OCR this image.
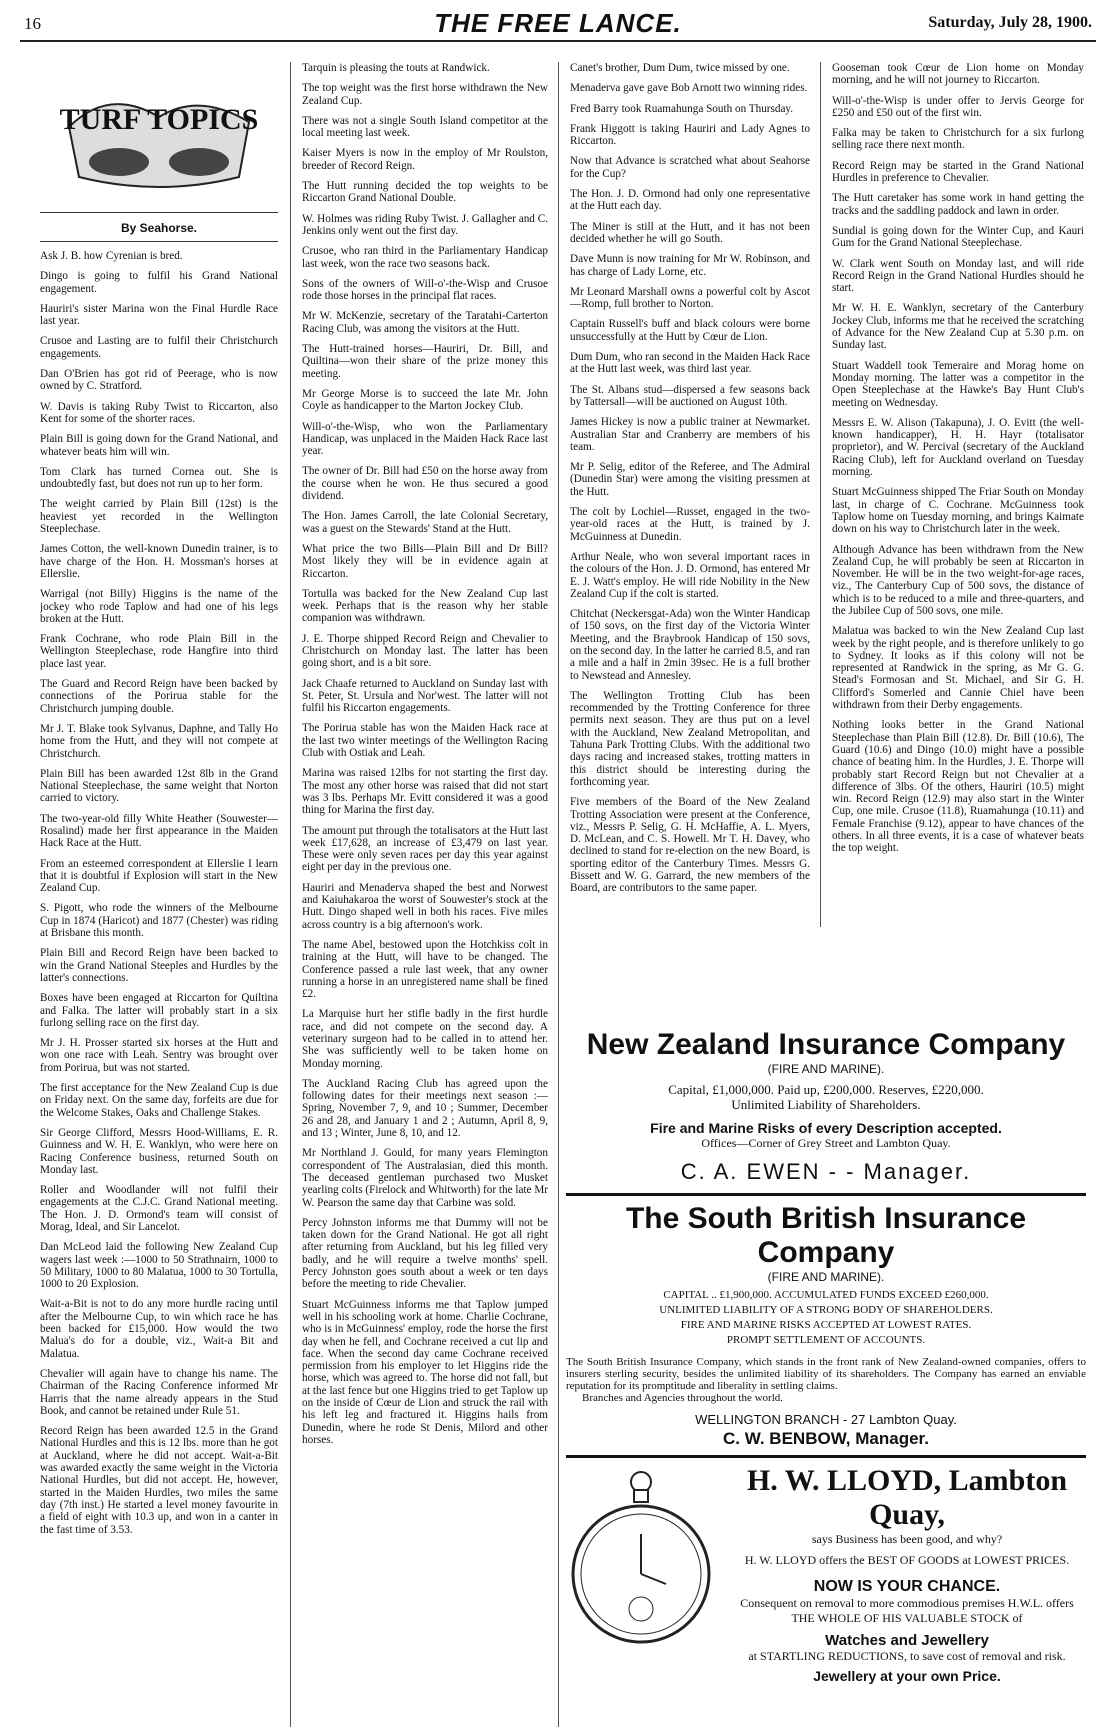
16	THE FREE LANCE.	Saturday, July 28, 1900.
TURF TOPICS
By Seahorse.

Ask J. B. how Cyrenian is bred.

Dingo is going to fulfil his Grand National engagement.

Hauriri's sister Marina won the Final Hurdle Race last year.

Crusoe and Lasting are to fulfil their Christchurch engagements.

Dan O'Brien has got rid of Peerage, who is now owned by C. Stratford.

W. Davis is taking Ruby Twist to Riccarton, also Kent for some of the shorter races.

Plain Bill is going down for the Grand National, and whatever beats him will win.

Tom Clark has turned Cornea out. She is undoubtedly fast, but does not run up to her form.

The weight carried by Plain Bill (12st) is the heaviest yet recorded in the Wellington Steeplechase.

James Cotton, the well-known Dunedin trainer, is to have charge of the Hon. H. Mossman's horses at Ellerslie.

Warrigal (not Billy) Higgins is the name of the jockey who rode Taplow and had one of his legs broken at the Hutt.

Frank Cochrane, who rode Plain Bill in the Wellington Steeplechase, rode Hangfire into third place last year.

The Guard and Record Reign have been backed by connections of the Porirua stable for the Christchurch jumping double.

Mr J. T. Blake took Sylvanus, Daphne, and Tally Ho home from the Hutt, and they will not compete at Christchurch.

Plain Bill has been awarded 12st 8lb in the Grand National Steeplechase, the same weight that Norton carried to victory.

The two-year-old filly White Heather (Souwester—Rosalind) made her first appearance in the Maiden Hack Race at the Hutt.

From an esteemed correspondent at Ellerslie I learn that it is doubtful if Explosion will start in the New Zealand Cup.

S. Pigott, who rode the winners of the Melbourne Cup in 1874 (Haricot) and 1877 (Chester) was riding at Brisbane this month.

Plain Bill and Record Reign have been backed to win the Grand National Steeples and Hurdles by the latter's connections.

Boxes have been engaged at Riccarton for Quiltina and Falka. The latter will probably start in a six furlong selling race on the first day.

Mr J. H. Prosser started six horses at the Hutt and won one race with Leah. Sentry was brought over from Porirua, but was not started.

The first acceptance for the New Zealand Cup is due on Friday next. On the same day, forfeits are due for the Welcome Stakes, Oaks and Challenge Stakes.

Sir George Clifford, Messrs Hood-Williams, E. R. Guinness and W. H. E. Wanklyn, who were here on Racing Conference business, returned South on Monday last.

Roller and Woodlander will not fulfil their engagements at the C.J.C. Grand National meeting. The Hon. J. D. Ormond's team will consist of Morag, Ideal, and Sir Lancelot.

Dan McLeod laid the following New Zealand Cup wagers last week :—1000 to 50 Strathnairn, 1000 to 50 Military, 1000 to 80 Malatua, 1000 to 30 Tortulla, 1000 to 20 Explosion.

Wait-a-Bit is not to do any more hurdle racing until after the Melbourne Cup, to win which race he has been backed for £15,000. How would the two Malua's do for a double, viz., Wait-a Bit and Malatua.

Chevalier will again have to change his name. The Chairman of the Racing Conference informed Mr Harris that the name already appears in the Stud Book, and cannot be retained under Rule 51.

Record Reign has been awarded 12.5 in the Grand National Hurdles and this is 12 lbs. more than he got at Auckland, where he did not accept. Wait-a-Bit was awarded exactly the same weight in the Victoria National Hurdles, but did not accept. He, however, started in the Maiden Hurdles, two miles the same day (7th inst.) He started a level money favourite in a field of eight with 10.3 up, and won in a canter in the fast time of 3.53.

Tarquin is pleasing the touts at Randwick.

The top weight was the first horse withdrawn the New Zealand Cup.

There was not a single South Island competitor at the local meeting last week.

Kaiser Myers is now in the employ of Mr Roulston, breeder of Record Reign.

The Hutt running decided the top weights to be Riccarton Grand National Double.

W. Holmes was riding Ruby Twist. J. Gallagher and C. Jenkins only went out the first day.

Crusoe, who ran third in the Parliamentary Handicap last week, won the race two seasons back.

Sons of the owners of Will-o'-the-Wisp and Crusoe rode those horses in the principal flat races.

Mr W. McKenzie, secretary of the Taratahi-Carterton Racing Club, was among the visitors at the Hutt.

The Hutt-trained horses—Hauriri, Dr. Bill, and Quiltina—won their share of the prize money this meeting.

Mr George Morse is to succeed the late Mr. John Coyle as handicapper to the Marton Jockey Club.

Will-o'-the-Wisp, who won the Parliamentary Handicap, was unplaced in the Maiden Hack Race last year.

The owner of Dr. Bill had £50 on the horse away from the course when he won. He thus secured a good dividend.

The Hon. James Carroll, the late Colonial Secretary, was a guest on the Stewards' Stand at the Hutt.

What price the two Bills—Plain Bill and Dr Bill? Most likely they will be in evidence again at Riccarton.

Tortulla was backed for the New Zealand Cup last week. Perhaps that is the reason why her stable companion was withdrawn.

J. E. Thorpe shipped Record Reign and Chevalier to Christchurch on Monday last. The latter has been going short, and is a bit sore.

Jack Chaafe returned to Auckland on Sunday last with St. Peter, St. Ursula and Nor'west. The latter will not fulfil his Riccarton engagements.

The Porirua stable has won the Maiden Hack race at the last two winter meetings of the Wellington Racing Club with Ostiak and Leah.

Marina was raised 12lbs for not starting the first day. The most any other horse was raised that did not start was 3 lbs. Perhaps Mr. Evitt considered it was a good thing for Marina the first day.

The amount put through the totalisators at the Hutt last week £17,628, an increase of £3,479 on last year. These were only seven races per day this year against eight per day in the previous one.

Hauriri and Menaderva shaped the best and Norwest and Kaiuhakaroa the worst of Souwester's stock at the Hutt. Dingo shaped well in both his races. Five miles across country is a big afternoon's work.

The name Abel, bestowed upon the Hotchkiss colt in training at the Hutt, will have to be changed. The Conference passed a rule last week, that any owner running a horse in an unregistered name shall be fined £2.

La Marquise hurt her stifle badly in the first hurdle race, and did not compete on the second day. A veterinary surgeon had to be called in to attend her. She was sufficiently well to be taken home on Monday morning.

The Auckland Racing Club has agreed upon the following dates for their meetings next season :—Spring, November 7, 9, and 10 ; Summer, December 26 and 28, and January 1 and 2 ; Autumn, April 8, 9, and 13 ; Winter, June 8, 10, and 12.

Mr Northland J. Gould, for many years Flemington correspondent of The Australasian, died this month. The deceased gentleman purchased two Musket yearling colts (Firelock and Whitworth) for the late Mr W. Pearson the same day that Carbine was sold.

Percy Johnston informs me that Dummy will not be taken down for the Grand National. He got all right after returning from Auckland, but his leg filled very badly, and he will require a twelve months' spell. Percy Johnston goes south about a week or ten days before the meeting to ride Chevalier.

Stuart McGuinness informs me that Taplow jumped well in his schooling work at home. Charlie Cochrane, who is in McGuinness' employ, rode the horse the first day when he fell, and Cochrane received a cut lip and face. When the second day came Cochrane received permission from his employer to let Higgins ride the horse, which was agreed to. The horse did not fall, but at the last fence but one Higgins tried to get Taplow up on the inside of Cœur de Lion and struck the rail with his left leg and fractured it. Higgins hails from Dunedin, where he rode St Denis, Milord and other horses.

Canet's brother, Dum Dum, twice missed by one.

Menaderva gave gave Bob Arnott two winning rides.

Fred Barry took Ruamahunga South on Thursday.

Frank Higgott is taking Hauriri and Lady Agnes to Riccarton.

Now that Advance is scratched what about Seahorse for the Cup?

The Hon. J. D. Ormond had only one representative at the Hutt each day.

The Miner is still at the Hutt, and it has not been decided whether he will go South.

Dave Munn is now training for Mr W. Robinson, and has charge of Lady Lorne, etc.

Mr Leonard Marshall owns a powerful colt by Ascot—Romp, full brother to Norton.

Captain Russell's buff and black colours were borne unsuccessfully at the Hutt by Cœur de Lion.

Dum Dum, who ran second in the Maiden Hack Race at the Hutt last week, was third last year.

The St. Albans stud—dispersed a few seasons back by Tattersall—will be auctioned on August 10th.

James Hickey is now a public trainer at Newmarket. Australian Star and Cranberry are members of his team.

Mr P. Selig, editor of the Referee, and The Admiral (Dunedin Star) were among the visiting pressmen at the Hutt.

The colt by Lochiel—Russet, engaged in the two-year-old races at the Hutt, is trained by J. McGuinness at Dunedin.

Arthur Neale, who won several important races in the colours of the Hon. J. D. Ormond, has entered Mr E. J. Watt's employ. He will ride Nobility in the New Zealand Cup if the colt is started.

Chitchat (Neckersgat-Ada) won the Winter Handicap of 150 sovs, on the first day of the Victoria Winter Meeting, and the Braybrook Handicap of 150 sovs, on the second day. In the latter he carried 8.5, and ran a mile and a half in 2min 39sec. He is a full brother to Newstead and Annesley.

The Wellington Trotting Club has been recommended by the Trotting Conference for three permits next season. They are thus put on a level with the Auckland, New Zealand Metropolitan, and Tahuna Park Trotting Clubs. With the additional two days racing and increased stakes, trotting matters in this district should be interesting during the forthcoming year.

Five members of the Board of the New Zealand Trotting Association were present at the Conference, viz., Messrs P. Selig, G. H. McHaffie, A. L. Myers, D. McLean, and C. S. Howell. Mr T. H. Davey, who declined to stand for re-election on the new Board, is sporting editor of the Canterbury Times. Messrs G. Bissett and W. G. Garrard, the new members of the Board, are contributors to the same paper.

Gooseman took Cœur de Lion home on Monday morning, and he will not journey to Riccarton.

Will-o'-the-Wisp is under offer to Jervis George for £250 and £50 out of the first win.

Falka may be taken to Christchurch for a six furlong selling race there next month.

Record Reign may be started in the Grand National Hurdles in preference to Chevalier.

The Hutt caretaker has some work in hand getting the tracks and the saddling paddock and lawn in order.

Sundial is going down for the Winter Cup, and Kauri Gum for the Grand National Steeplechase.

W. Clark went South on Monday last, and will ride Record Reign in the Grand National Hurdles should he start.

Mr W. H. E. Wanklyn, secretary of the Canterbury Jockey Club, informs me that he received the scratching of Advance for the New Zealand Cup at 5.30 p.m. on Sunday last.

Stuart Waddell took Temeraire and Morag home on Monday morning. The latter was a competitor in the Open Steeplechase at the Hawke's Bay Hunt Club's meeting on Wednesday.

Messrs E. W. Alison (Takapuna), J. O. Evitt (the well-known handicapper), H. H. Hayr (totalisator proprietor), and W. Percival (secretary of the Auckland Racing Club), left for Auckland overland on Tuesday morning.

Stuart McGuinness shipped The Friar South on Monday last, in charge of C. Cochrane. McGuinness took Taplow home on Tuesday morning, and brings Kaimate down on his way to Christchurch later in the week.

Although Advance has been withdrawn from the New Zealand Cup, he will probably be seen at Riccarton in November. He will be in the two weight-for-age races, viz., The Canterbury Cup of 500 sovs, the distance of which is to be reduced to a mile and three-quarters, and the Jubilee Cup of 500 sovs, one mile.

Malatua was backed to win the New Zealand Cup last week by the right people, and is therefore unlikely to go to Sydney. It looks as if this colony will not be represented at Randwick in the spring, as Mr G. G. Stead's Formosan and St. Michael, and Sir G. H. Clifford's Somerled and Cannie Chiel have been withdrawn from their Derby engagements.

Nothing looks better in the Grand National Steeplechase than Plain Bill (12.8). Dr. Bill (10.6), The Guard (10.6) and Dingo (10.0) might have a possible chance of beating him. In the Hurdles, J. E. Thorpe will probably start Record Reign but not Chevalier at a difference of 3lbs. Of the others, Hauriri (10.5) might win. Record Reign (12.9) may also start in the Winter Cup, one mile. Crusoe (11.8), Ruamahunga (10.11) and Female Franchise (9.12), appear to have chances of the others. In all three events, it is a case of whatever beats the top weight.

New Zealand Insurance Company
(FIRE AND MARINE).
Capital, £1,000,000. Paid up, £200,000. Reserves, £220,000.
Unlimited Liability of Shareholders.
Fire and Marine Risks of every Description accepted.
Offices—Corner of Grey Street and Lambton Quay.
C. A. EWEN - - Manager.
The South British Insurance Company
(FIRE AND MARINE).
CAPITAL .. £1,900,000. ACCUMULATED FUNDS EXCEED £260,000.
UNLIMITED LIABILITY OF A STRONG BODY OF SHAREHOLDERS.
FIRE AND MARINE RISKS ACCEPTED AT LOWEST RATES.
PROMPT SETTLEMENT OF ACCOUNTS.
The South British Insurance Company, which stands in the front rank of New Zealand-owned companies, offers to insurers sterling security, besides the unlimited liability of its shareholders. The Company has earned an enviable reputation for its promptitude and liberality in settling claims.
Branches and Agencies throughout the world.
WELLINGTON BRANCH - 27 Lambton Quay.
C. W. BENBOW, Manager.
H. W. LLOYD, Lambton Quay,
says Business has been good, and why?
H. W. LLOYD offers the BEST OF GOODS at LOWEST PRICES.
NOW IS YOUR CHANCE.
Consequent on removal to more commodious premises H.W.L. offers THE WHOLE OF HIS VALUABLE STOCK of
Watches and Jewellery
at STARTLING REDUCTIONS, to save cost of removal and risk.
Jewellery at your own Price.
